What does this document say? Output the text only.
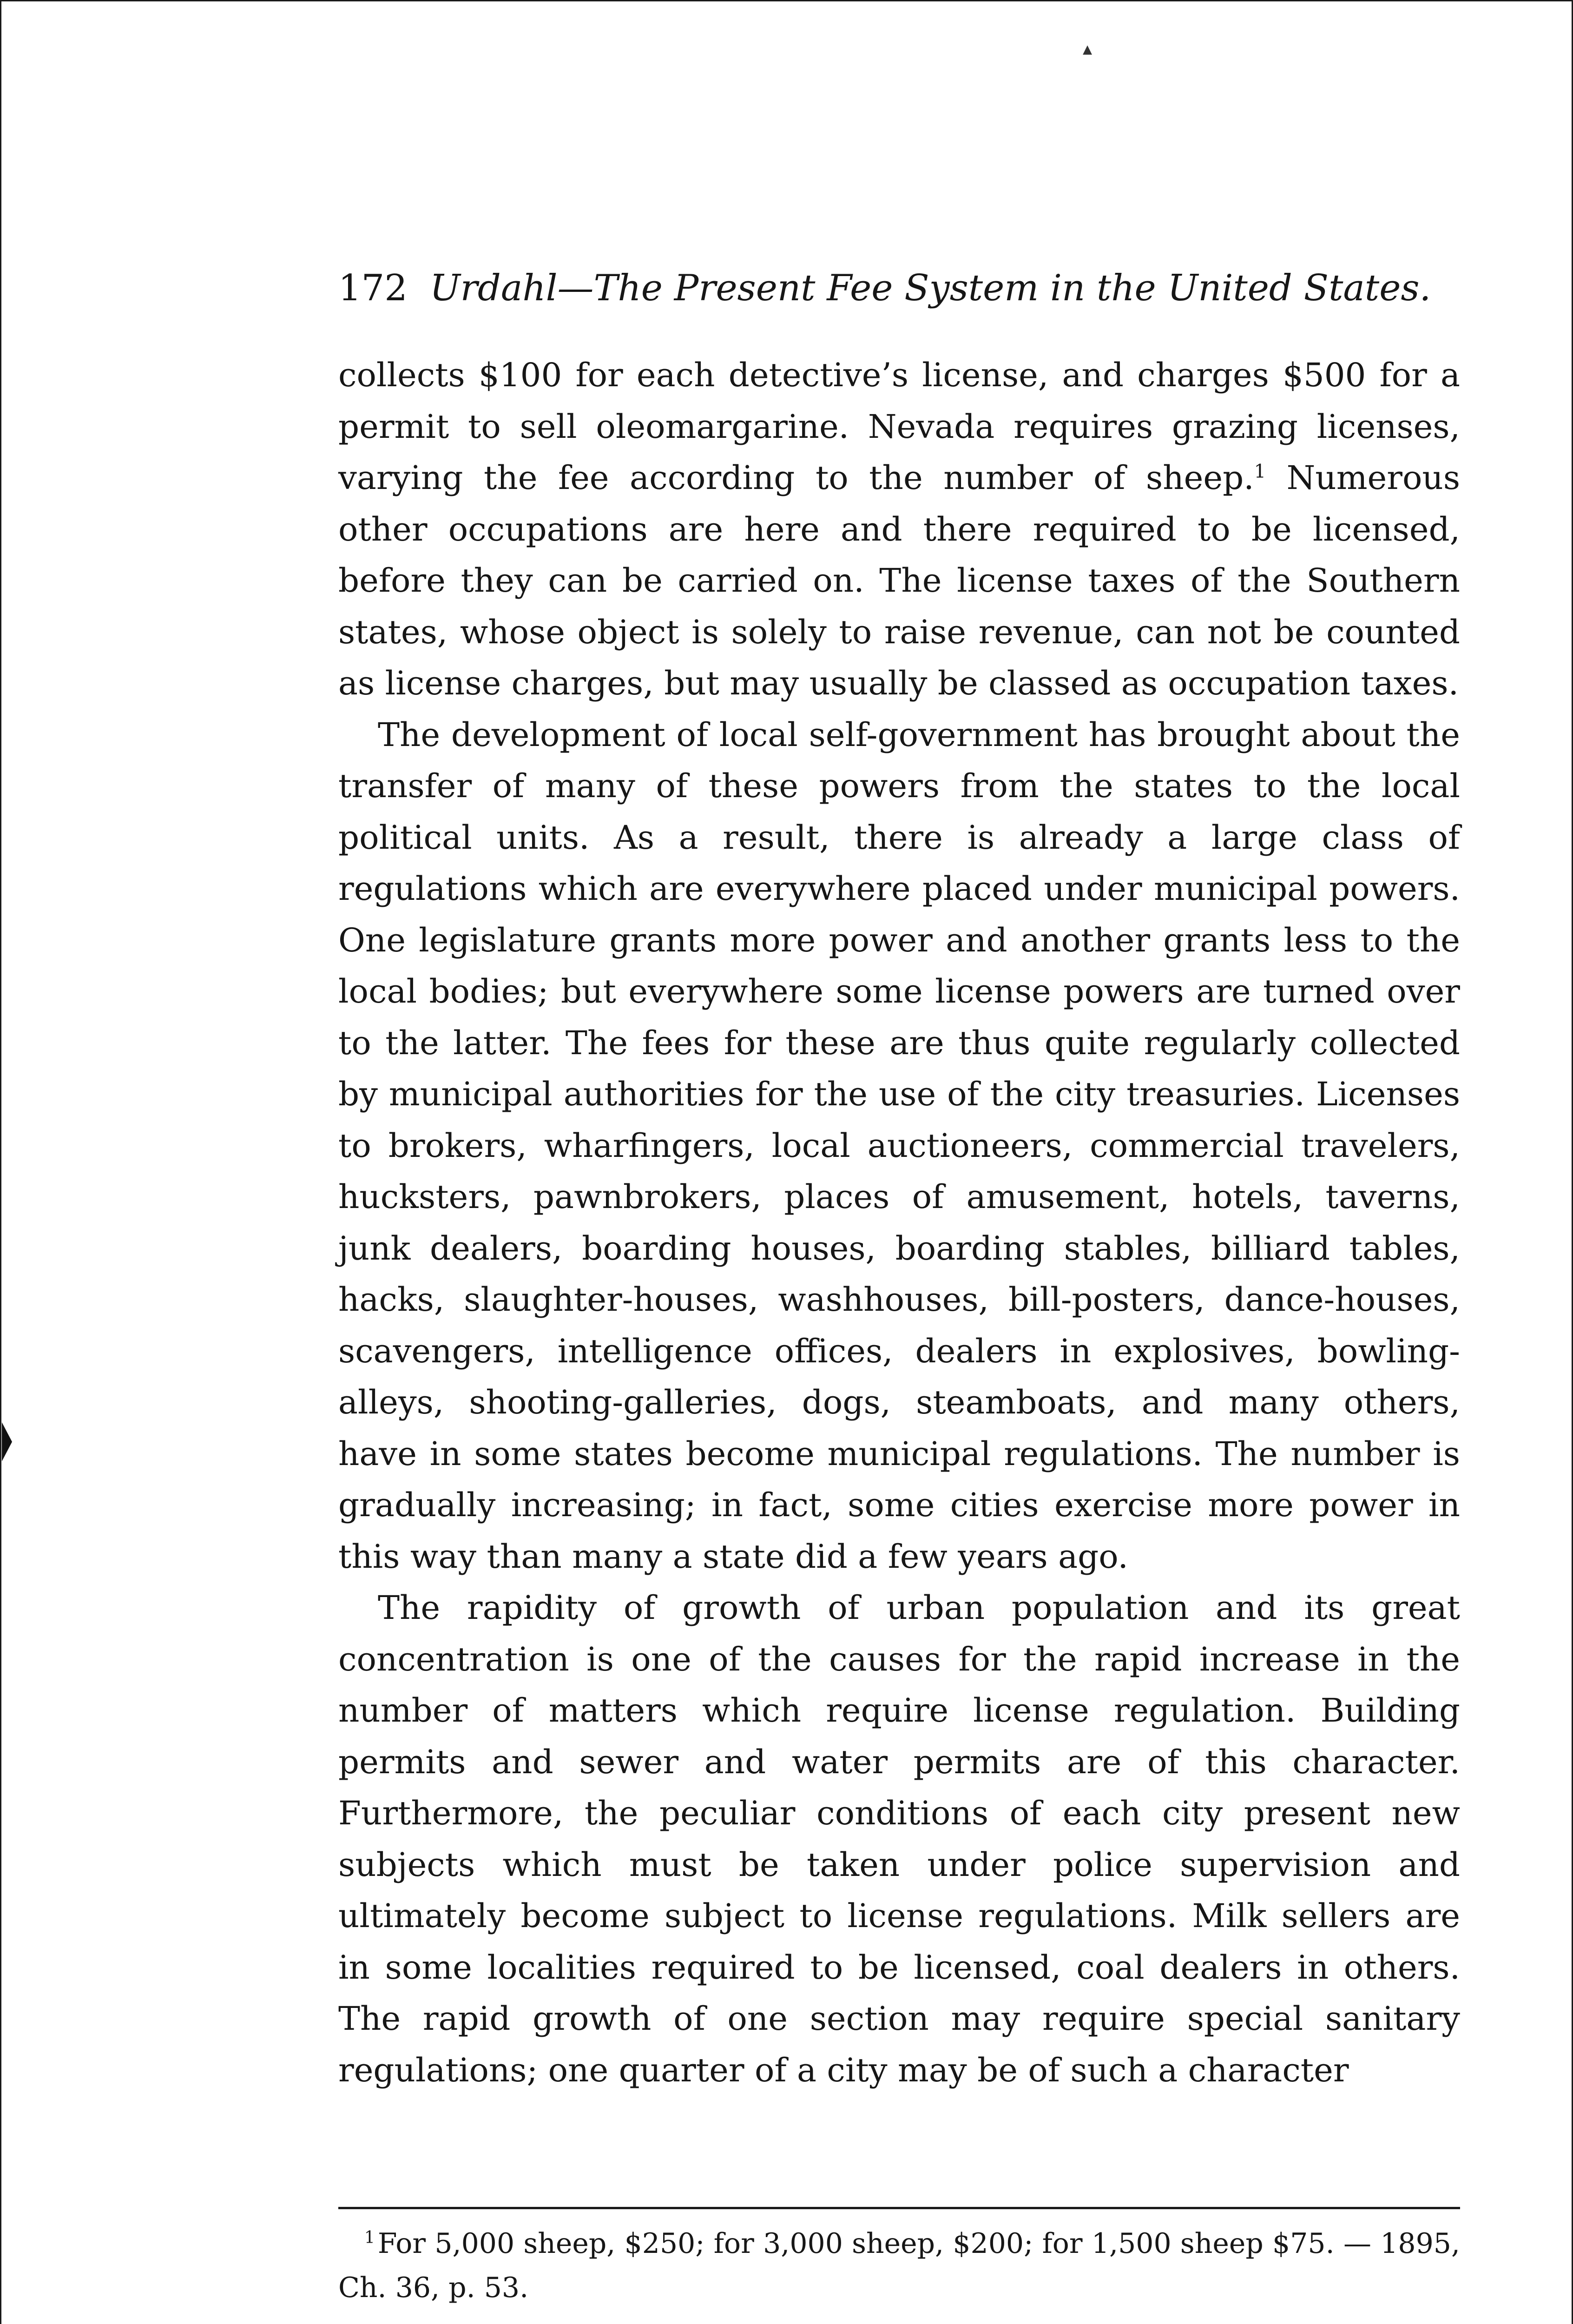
▴
172 Urdahl—The Present Fee System in the United States.

collects $100 for each detective’s license, and charges $500 for a permit to sell oleomargarine. Nevada requires grazing licenses, varying the fee according to the number of sheep.$^1$ Numerous other occupations are here and there required to be licensed, before they can be carried on. The license taxes of the Southern states, whose object is solely to raise revenue, can not be counted as license charges, but may usually be classed as occupation taxes.

The development of local self-government has brought about the transfer of many of these powers from the states to the local political units. As a result, there is already a large class of regulations which are everywhere placed under municipal powers. One legislature grants more power and another grants less to the local bodies; but everywhere some license powers are turned over to the latter. The fees for these are thus quite regularly collected by municipal authorities for the use of the city treasuries. Licenses to brokers, wharfingers, local auctioneers, commercial travelers, hucksters, pawnbrokers, places of amusement, hotels, taverns, junk dealers, boarding houses, boarding stables, billiard tables, hacks, slaughter-houses, washhouses, bill-posters, dance-houses, scavengers, intelligence offices, dealers in explosives, bowling-alleys, shooting-galleries, dogs, steamboats, and many others, have in some states become municipal regulations. The number is gradually increasing; in fact, some cities exercise more power in this way than many a state did a few years ago.

The rapidity of growth of urban population and its great concentration is one of the causes for the rapid increase in the number of matters which require license regulation. Building permits and sewer and water permits are of this character. Furthermore, the peculiar conditions of each city present new subjects which must be taken under police supervision and ultimately become subject to license regulations. Milk sellers are in some localities required to be licensed, coal dealers in others. The rapid growth of one section may require special sanitary regulations; one quarter of a city may be of such a character

$^1$ For 5,000 sheep, $250; for 3,000 sheep, $200; for 1,500 sheep $75. — 1895, Ch. 36, p. 53.
